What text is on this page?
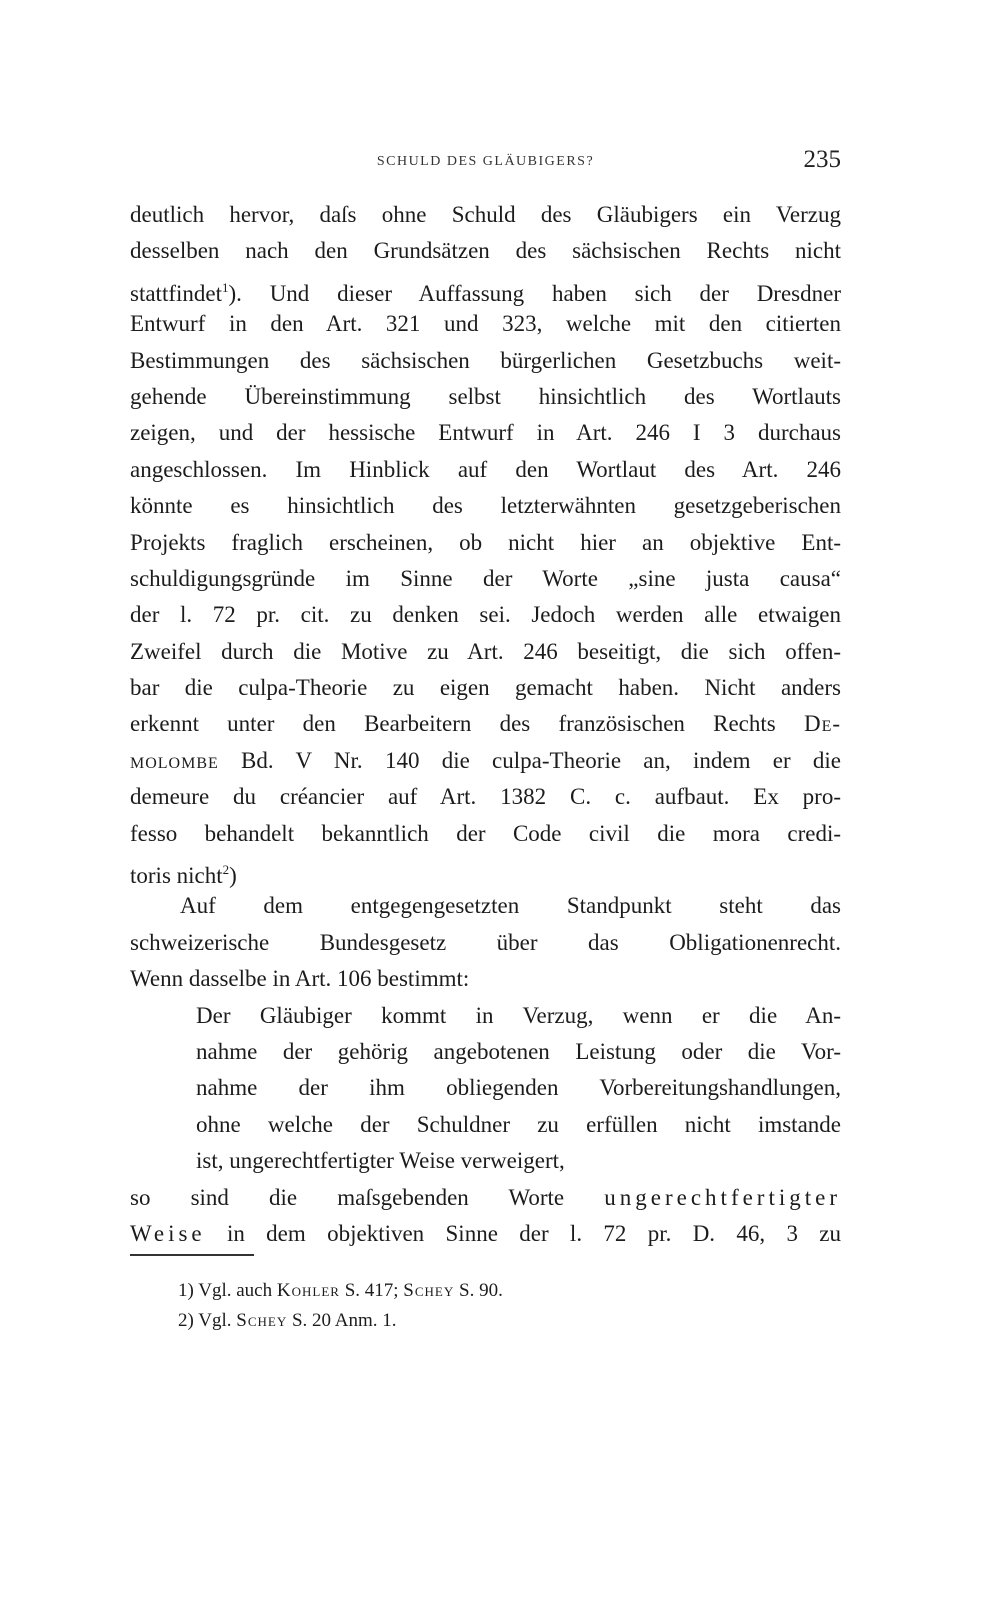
SCHULD DES GLÄUBIGERS?	235
deutlich hervor, daſs ohne Schuld des Gläubigers ein Verzug
desselben nach den Grundsätzen des sächsischen Rechts nicht
stattfindet$^1$). Und dieser Auffassung haben sich der Dresdner
Entwurf in den Art. 321 und 323, welche mit den citierten
Bestimmungen des sächsischen bürgerlichen Gesetzbuchs weit-
gehende Übereinstimmung selbst hinsichtlich des Wortlauts
zeigen, und der hessische Entwurf in Art. 246 I 3 durchaus
angeschlossen. Im Hinblick auf den Wortlaut des Art. 246
könnte es hinsichtlich des letzterwähnten gesetzgeberischen
Projekts fraglich erscheinen, ob nicht hier an objektive Ent-
schuldigungsgründe im Sinne der Worte „sine justa causa“
der l. 72 pr. cit. zu denken sei. Jedoch werden alle etwaigen
Zweifel durch die Motive zu Art. 246 beseitigt, die sich offen-
bar die culpa-Theorie zu eigen gemacht haben. Nicht anders
erkennt unter den Bearbeitern des französischen Rechts De-
molombe Bd. V Nr. 140 die culpa-Theorie an, indem er die
demeure du créancier auf Art. 1382 C. c. aufbaut. Ex pro-
fesso behandelt bekanntlich der Code civil die mora credi-
toris nicht$^2$)
Auf dem entgegengesetzten Standpunkt steht das
schweizerische Bundesgesetz über das Obligationenrecht.
Wenn dasselbe in Art. 106 bestimmt:
Der Gläubiger kommt in Verzug, wenn er die An-
nahme der gehörig angebotenen Leistung oder die Vor-
nahme der ihm obliegenden Vorbereitungshandlungen,
ohne welche der Schuldner zu erfüllen nicht imstande
ist, ungerechtfertigter Weise verweigert,
so sind die maſsgebenden Worte ungerechtfertigter
Weise in dem objektiven Sinne der l. 72 pr. D. 46, 3 zu
1) Vgl. auch Kohler S. 417; Schey S. 90.
2) Vgl. Schey S. 20 Anm. 1.
